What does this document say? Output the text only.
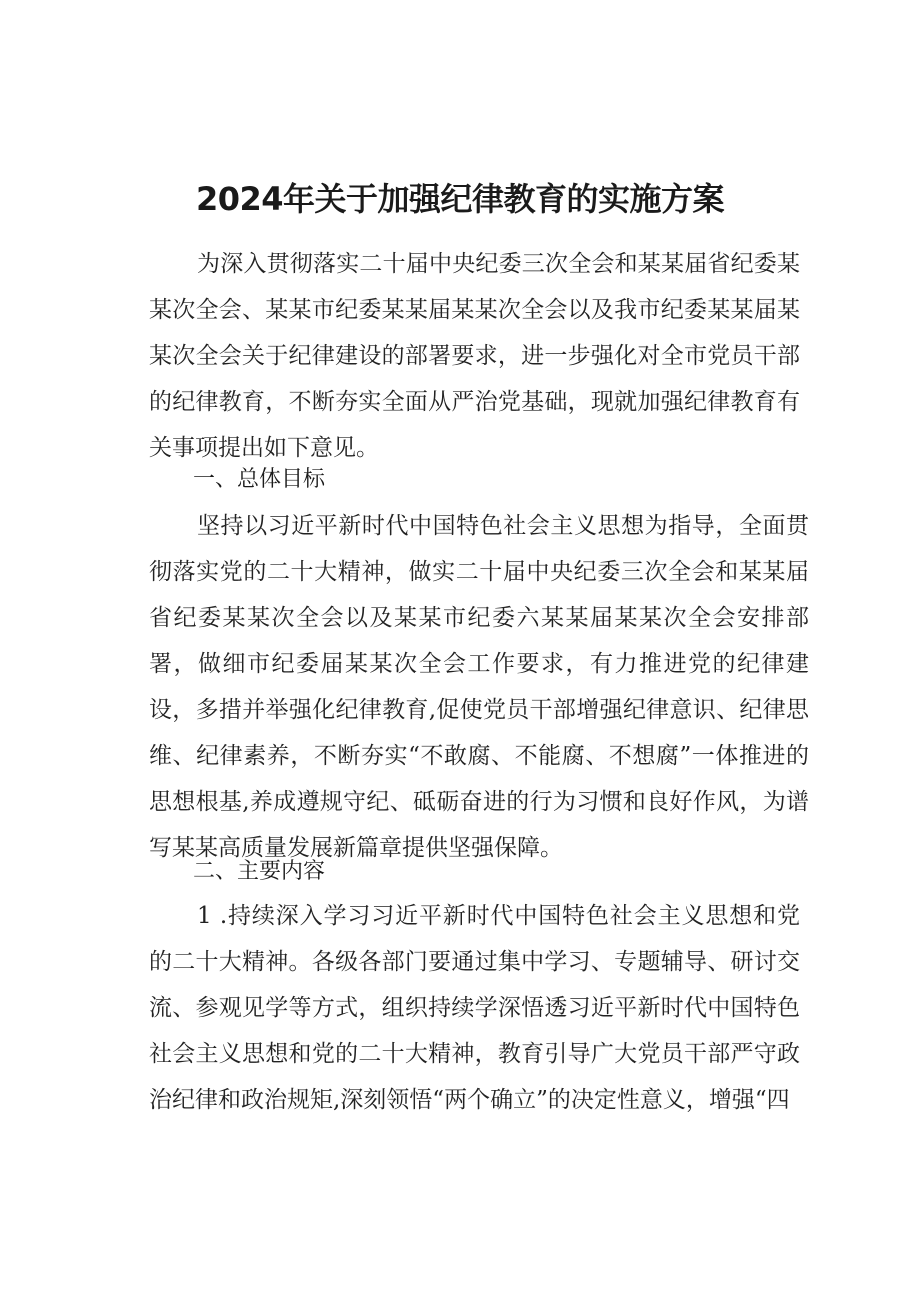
2024年关于加强纪律教育的实施方案

为深入贯彻落实二十届中央纪委三次全会和某某届省纪委某某次全会、某某市纪委某某届某某次全会以及我市纪委某某届某某次全会关于纪律建设的部署要求，进一步强化对全市党员干部的纪律教育，不断夯实全面从严治党基础，现就加强纪律教育有关事项提出如下意见。

一、总体目标

坚持以习近平新时代中国特色社会主义思想为指导，全面贯彻落实党的二十大精神，做实二十届中央纪委三次全会和某某届省纪委某某次全会以及某某市纪委六某某届某某次全会安排部署，做细市纪委届某某次全会工作要求，有力推进党的纪律建设，多措并举强化纪律教育,促使党员干部增强纪律意识、纪律思维、纪律素养，不断夯实“不敢腐、不能腐、不想腐”一体推进的思想根基,养成遵规守纪、砥砺奋进的行为习惯和良好作风，为谱写某某高质量发展新篇章提供坚强保障。

二、主要内容

1 .持续深入学习习近平新时代中国特色社会主义思想和党的二十大精神。各级各部门要通过集中学习、专题辅导、研讨交流、参观见学等方式，组织持续学深悟透习近平新时代中国特色社会主义思想和党的二十大精神，教育引导广大党员干部严守政治纪律和政治规矩,深刻领悟“两个确立”的决定性意义，增强“四
